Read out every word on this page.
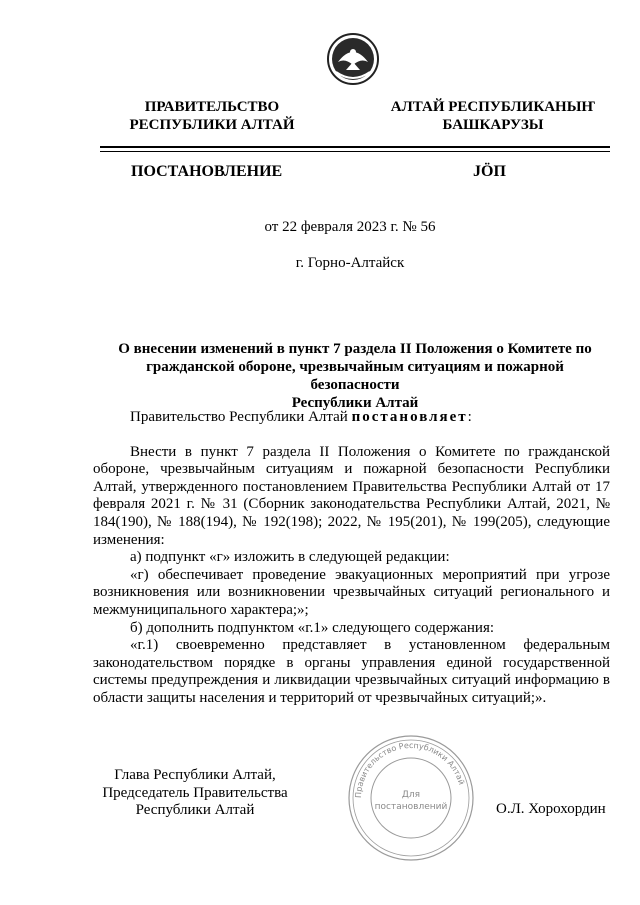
ПРАВИТЕЛЬСТВО
РЕСПУБЛИКИ АЛТАЙ
АЛТАЙ РЕСПУБЛИКАНЫҤ
БАШКАРУЗЫ
ПОСТАНОВЛЕНИЕ	JӦП
от 22 февраля 2023 г. № 56
г. Горно-Алтайск
О внесении изменений в пункт 7 раздела II Положения о Комитете по
гражданской обороне, чрезвычайным ситуациям и пожарной безопасности
Республики Алтай

Правительство Республики Алтай постановляет:

Внести в пункт 7 раздела II Положения о Комитете по гражданской обороне, чрезвычайным ситуациям и пожарной безопасности Республики Алтай, утвержденного постановлением Правительства Республики Алтай от 17 февраля 2021 г. № 31 (Сборник законодательства Республики Алтай, 2021, № 184(190), № 188(194), № 192(198); 2022, № 195(201), № 199(205), следующие изменения:

а) подпункт «г» изложить в следующей редакции:

«г) обеспечивает проведение эвакуационных мероприятий при угрозе возникновения или возникновении чрезвычайных ситуаций регионального и межмуниципального характера;»;

б) дополнить подпунктом «г.1» следующего содержания:

«г.1) своевременно представляет в установленном федеральным законодательством порядке в органы управления единой государственной системы предупреждения и ликвидации чрезвычайных ситуаций информацию в области защиты населения и территорий от чрезвычайных ситуаций;».

Глава Республики Алтай,
Председатель Правительства
Республики Алтай	О.Л. Хорохордин
Правительство Республики Алтай
Для
постановлений
